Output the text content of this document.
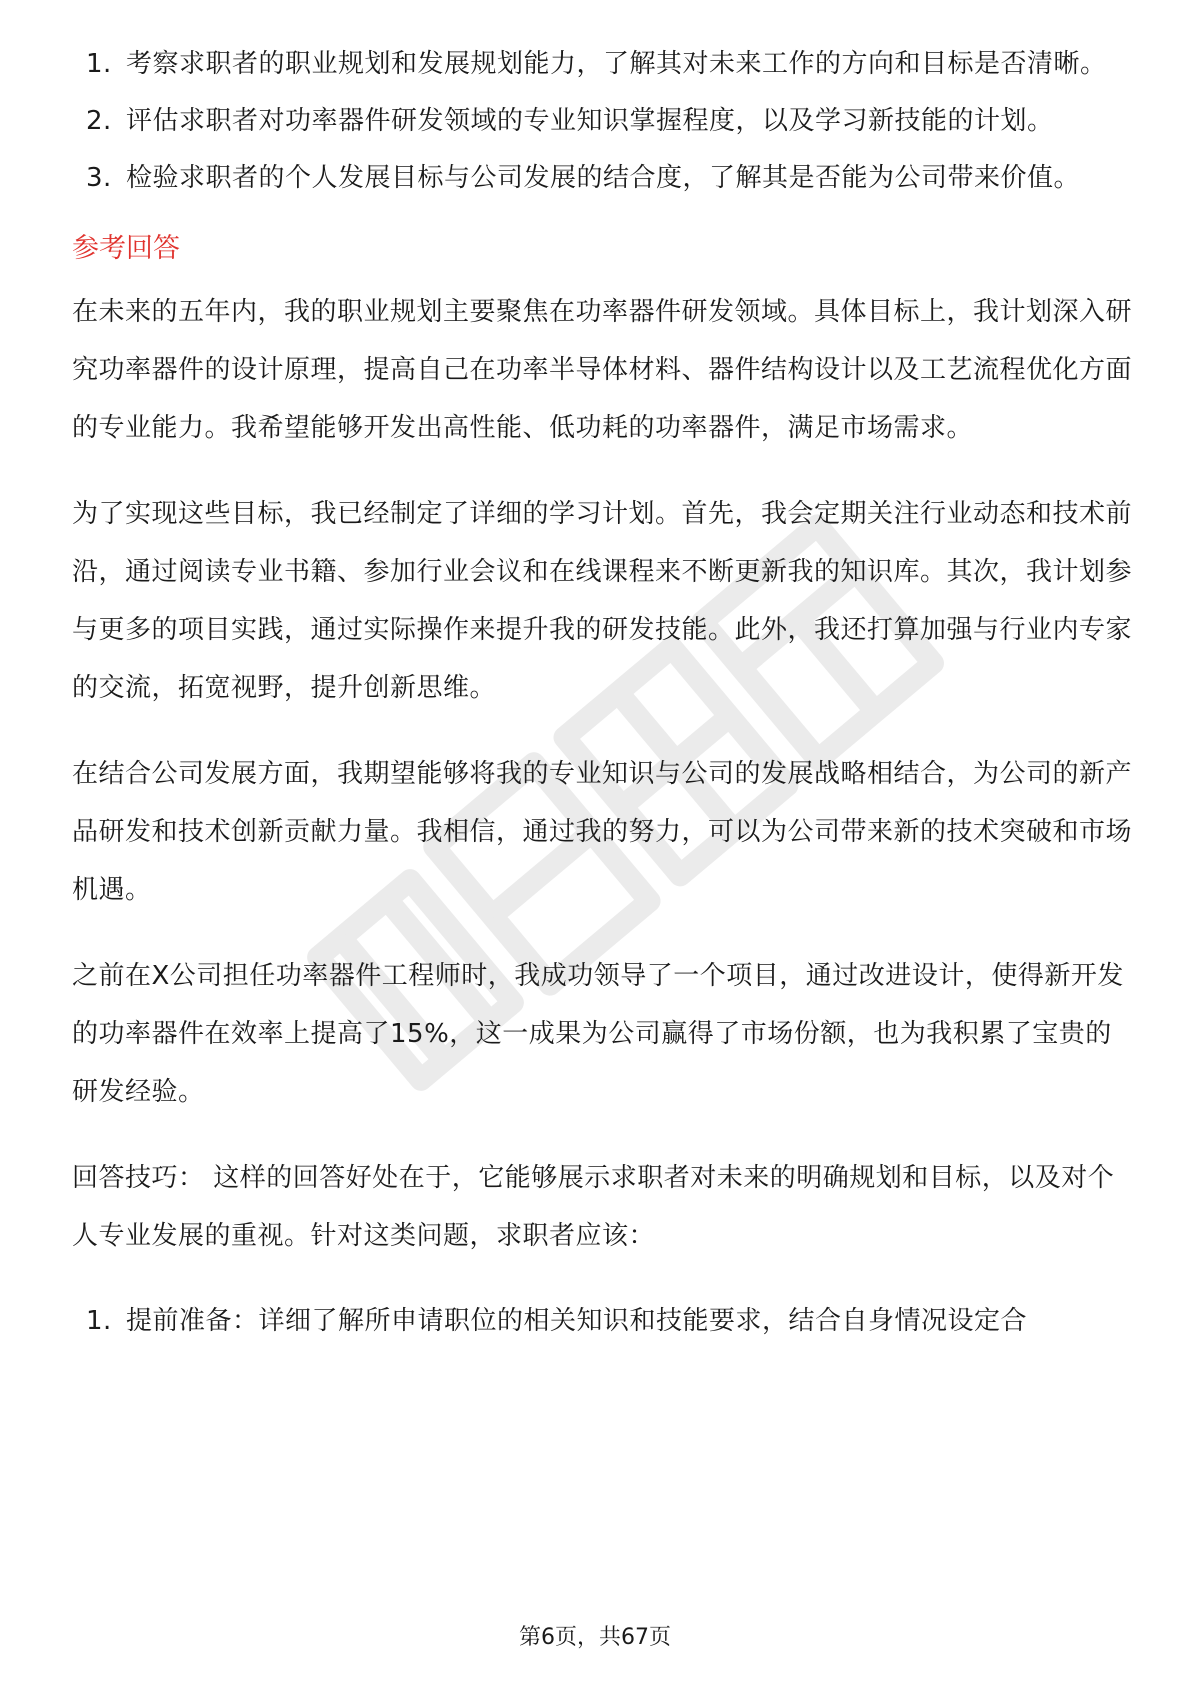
1. 考察求职者的职业规划和发展规划能力，了解其对未来工作的方向和目标是否清晰。
2. 评估求职者对功率器件研发领域的专业知识掌握程度，以及学习新技能的计划。
3. 检验求职者的个人发展目标与公司发展的结合度，了解其是否能为公司带来价值。
参考回答

在未来的五年内，我的职业规划主要聚焦在功率器件研发领域。具体目标上，我计划深入研究功率器件的设计原理，提高自己在功率半导体材料、器件结构设计以及工艺流程优化方面的专业能力。我希望能够开发出高性能、低功耗的功率器件，满足市场需求。

为了实现这些目标，我已经制定了详细的学习计划。首先，我会定期关注行业动态和技术前沿，通过阅读专业书籍、参加行业会议和在线课程来不断更新我的知识库。其次，我计划参与更多的项目实践，通过实际操作来提升我的研发技能。此外，我还打算加强与行业内专家的交流，拓宽视野，提升创新思维。

在结合公司发展方面，我期望能够将我的专业知识与公司的发展战略相结合，为公司的新产品研发和技术创新贡献力量。我相信，通过我的努力，可以为公司带来新的技术突破和市场机遇。

之前在X公司担任功率器件工程师时，我成功领导了一个项目，通过改进设计，使得新开发的功率器件在效率上提高了15%，这一成果为公司赢得了市场份额，也为我积累了宝贵的研发经验。

回答技巧： 这样的回答好处在于，它能够展示求职者对未来的明确规划和目标，以及对个人专业发展的重视。针对这类问题，求职者应该：

1. 提前准备：详细了解所申请职位的相关知识和技能要求，结合自身情况设定合
第6页，共67页
